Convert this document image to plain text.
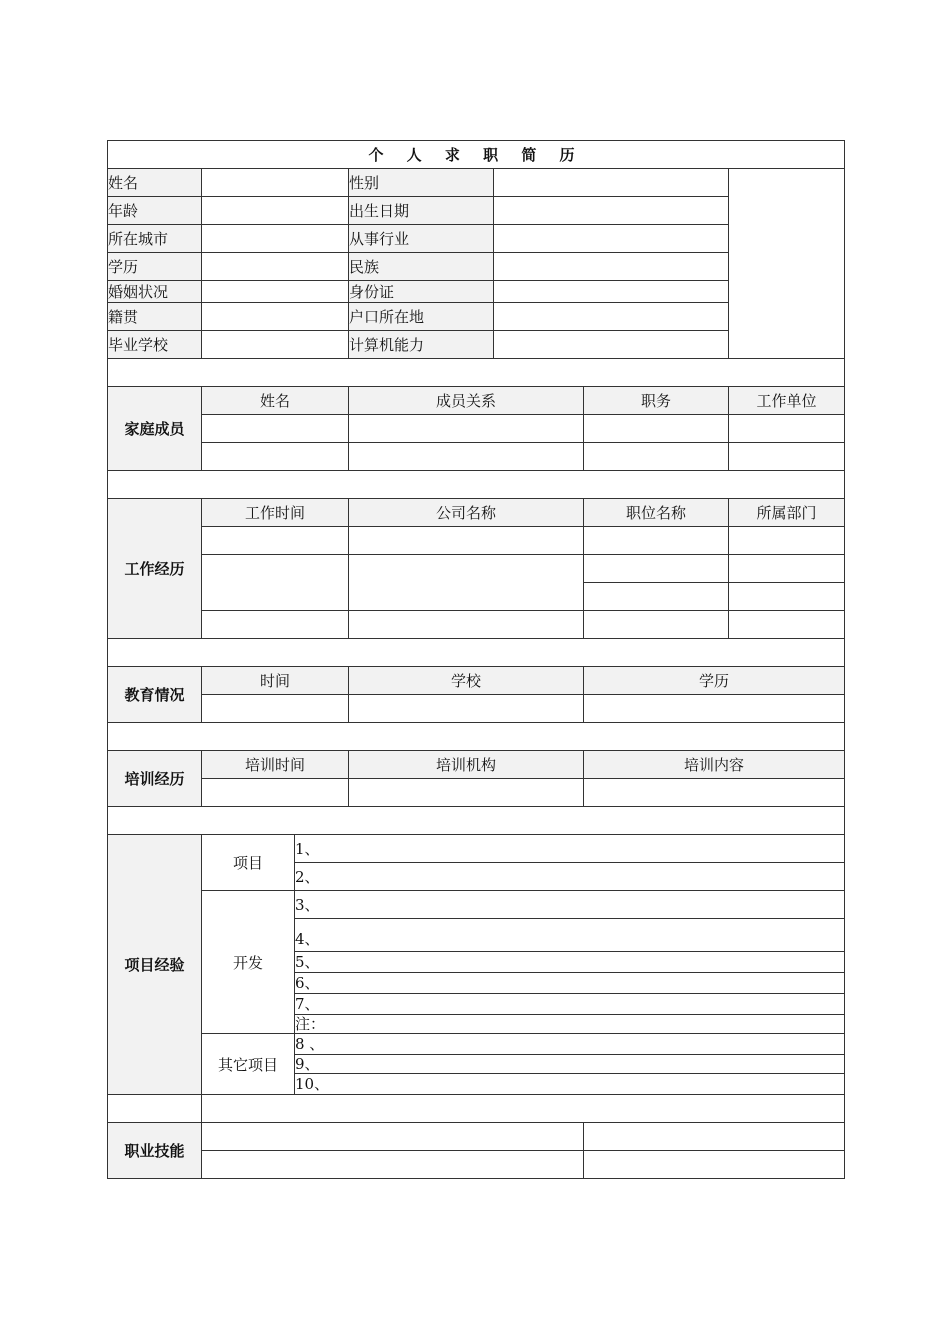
个 人 求 职 简 历						
姓名			性别			
年龄			出生日期			
所在城市			从事行业			
学历			民族			
婚姻状况			身份证			
籍贯			户口所在地			
毕业学校			计算机能力			

家庭成员	姓名		成员关系		职务	工作单位

工作经历	工作时间		公司名称		职位名称	所属部门

教育情况	时间		学校		学历	

培训经历	培训时间		培训机构		培训内容	

项目经验	项目	1、				
		2、				
	开发	3、				
		4、				
		5、				
		6、				
		7、				
		注：				
	其它项目	8 、				
		9、				
		10、				

职业技能						
